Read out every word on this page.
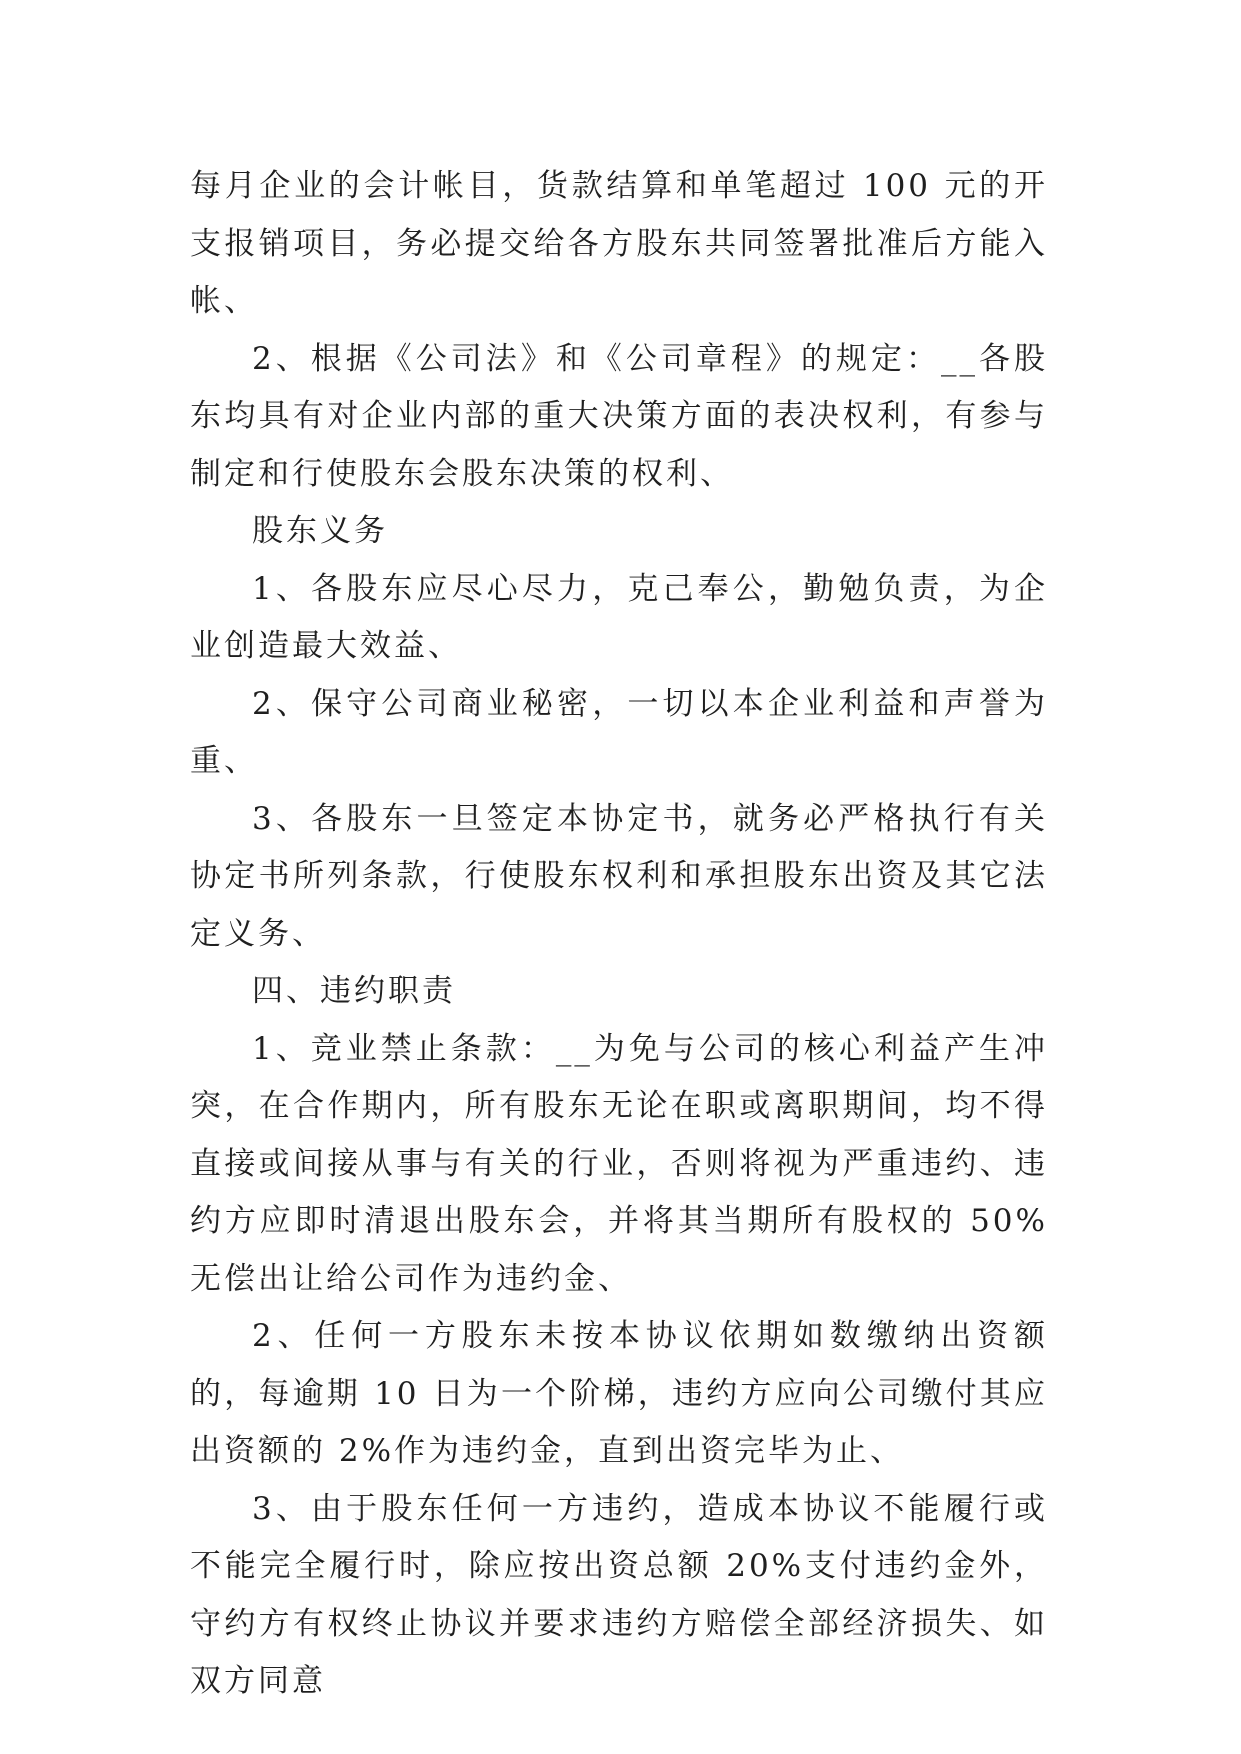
每月企业的会计帐目，货款结算和单笔超过 100 元的开支报销项目，务必提交给各方股东共同签署批准后方能入帐、

2、根据《公司法》和《公司章程》的规定：__各股东均具有对企业内部的重大决策方面的表决权利，有参与制定和行使股东会股东决策的权利、

股东义务

1、各股东应尽心尽力，克己奉公，勤勉负责，为企业创造最大效益、

2、保守公司商业秘密，一切以本企业利益和声誉为重、

3、各股东一旦签定本协定书，就务必严格执行有关协定书所列条款，行使股东权利和承担股东出资及其它法定义务、

四、违约职责

1、竞业禁止条款：__为免与公司的核心利益产生冲突，在合作期内，所有股东无论在职或离职期间，均不得直接或间接从事与有关的行业，否则将视为严重违约、违约方应即时清退出股东会，并将其当期所有股权的 50%无偿出让给公司作为违约金、

2、任何一方股东未按本协议依期如数缴纳出资额的，每逾期 10 日为一个阶梯，违约方应向公司缴付其应出资额的 2%作为违约金，直到出资完毕为止、

3、由于股东任何一方违约，造成本协议不能履行或不能完全履行时，除应按出资总额 20%支付违约金外，守约方有权终止协议并要求违约方赔偿全部经济损失、如双方同意
